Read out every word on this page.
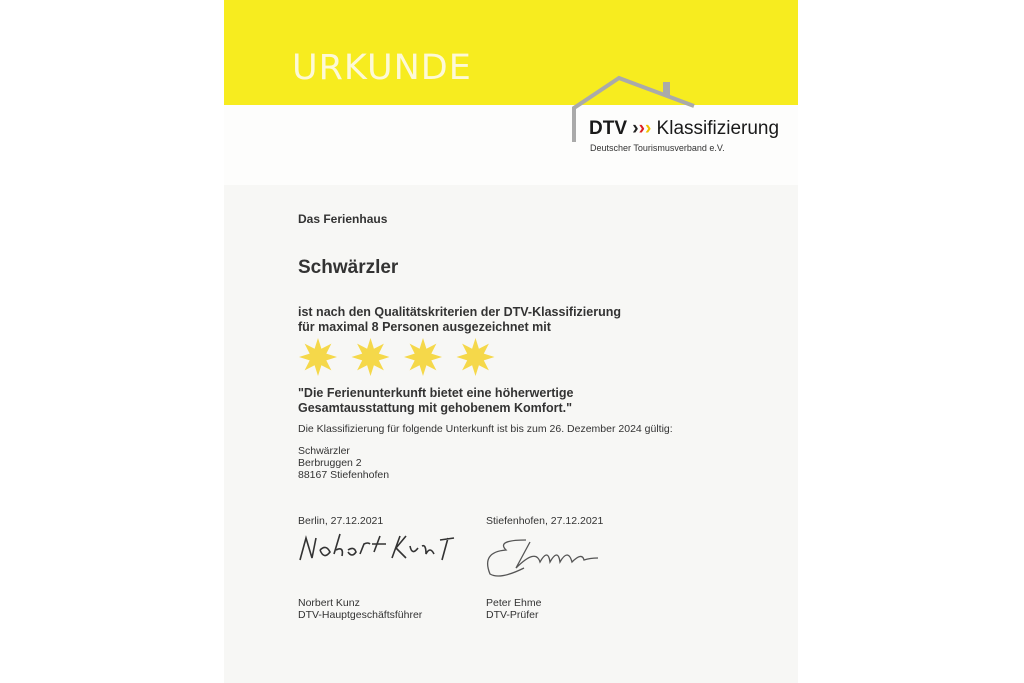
URKUNDE
DTV ››› Klassifizierung
Deutscher Tourismusverband e.V.
Das Ferienhaus
Schwärzler
ist nach den Qualitätskriterien der DTV-Klassifizierung
für maximal 8 Personen ausgezeichnet mit
"Die Ferienunterkunft bietet eine höherwertige
Gesamtausstattung mit gehobenem Komfort."
Die Klassifizierung für folgende Unterkunft ist bis zum 26. Dezember 2024 gültig:
Schwärzler
Berbruggen 2
88167 Stiefenhofen
Berlin, 27.12.2021	Stiefenhofen, 27.12.2021
Norbert Kunz
DTV-Hauptgeschäftsführer
Peter Ehme
DTV-Prüfer
